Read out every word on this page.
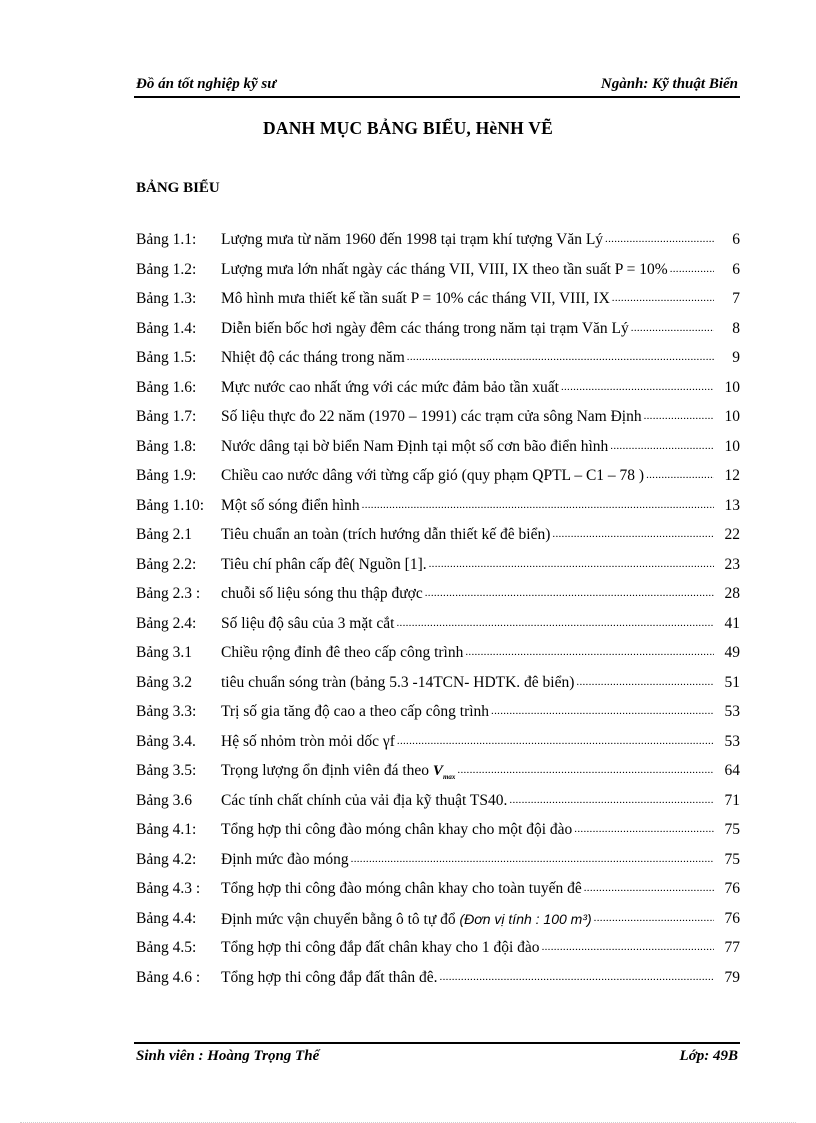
Đồ án tốt nghiệp kỹ sư	Ngành: Kỹ thuật Biển
DANH MỤC BẢNG BIỂU, HèNH VẼ
BẢNG BIỂU
Bảng 1.1: Lượng mưa từ năm 1960 đến 1998 tại trạm khí tượng Văn Lý .....	6
Bảng 1.2: Lượng mưa lớn nhất ngày các tháng VII, VIII, IX theo tần suất P = 10% .....	6
Bảng 1.3: Mô hình mưa thiết kế tần suất P = 10% các tháng VII, VIII, IX .....	7
Bảng 1.4: Diễn biến bốc hơi ngày đêm các tháng trong năm tại trạm Văn Lý .....	8
Bảng 1.5: Nhiệt độ các tháng trong năm .....	9
Bảng 1.6: Mực nước cao nhất ứng với các mức đảm bảo tần xuất .....	10
Bảng 1.7: Số liệu thực đo 22 năm (1970 – 1991) các trạm cửa sông Nam Định .....	10
Bảng 1.8: Nước dâng tại bờ biển Nam Định tại một số cơn bão điển hình .....	10
Bảng 1.9: Chiều cao nước dâng với từng cấp gió (quy phạm QPTL – C1 – 78 ) .....	12
Bảng 1.10: Một số sóng điển hình .....	13
Bảng 2.1 Tiêu chuẩn an toàn (trích hướng dẫn thiết kế đê biển) .....	22
Bảng 2.2: Tiêu chí phân cấp đê( Nguồn [1]. .....	23
Bảng 2.3 : chuỗi số liệu sóng thu thập được .....	28
Bảng 2.4: Số liệu độ sâu của 3 mặt cắt .....	41
Bảng 3.1 Chiều rộng đỉnh đê theo cấp công trình .....	49
Bảng 3.2 tiêu chuẩn sóng tràn (bảng 5.3 -14TCN- HDTK. đê biển) .....	51
Bảng 3.3: Trị số gia tăng độ cao a theo cấp công trình .....	53
Bảng 3.4. Hệ số nhỏm tròn mỏi dốc γf .....	53
Bảng 3.5: Trọng lượng ổn định viên đá theo $V_{max}$ .....	64
Bảng 3.6 Các tính chất chính của vải địa kỹ thuật TS40. .....	71
Bảng 4.1: Tổng hợp thi công đào móng chân khay cho một đội đào .....	75
Bảng 4.2: Định mức đào móng .....	75
Bảng 4.3 : Tổng hợp thi công đào móng chân khay cho toàn tuyến đê .....	76
Bảng 4.4: Định mức vận chuyển bằng ô tô tự đổ (Đơn vị tính : 100 m³) .....	76
Bảng 4.5: Tổng hợp thi công đắp đất chân khay cho 1 đội đào .....	77
Bảng 4.6 : Tổng hợp thi công đắp đất thân đê. .....	79
Sinh viên : Hoàng Trọng Thể	Lớp: 49B
